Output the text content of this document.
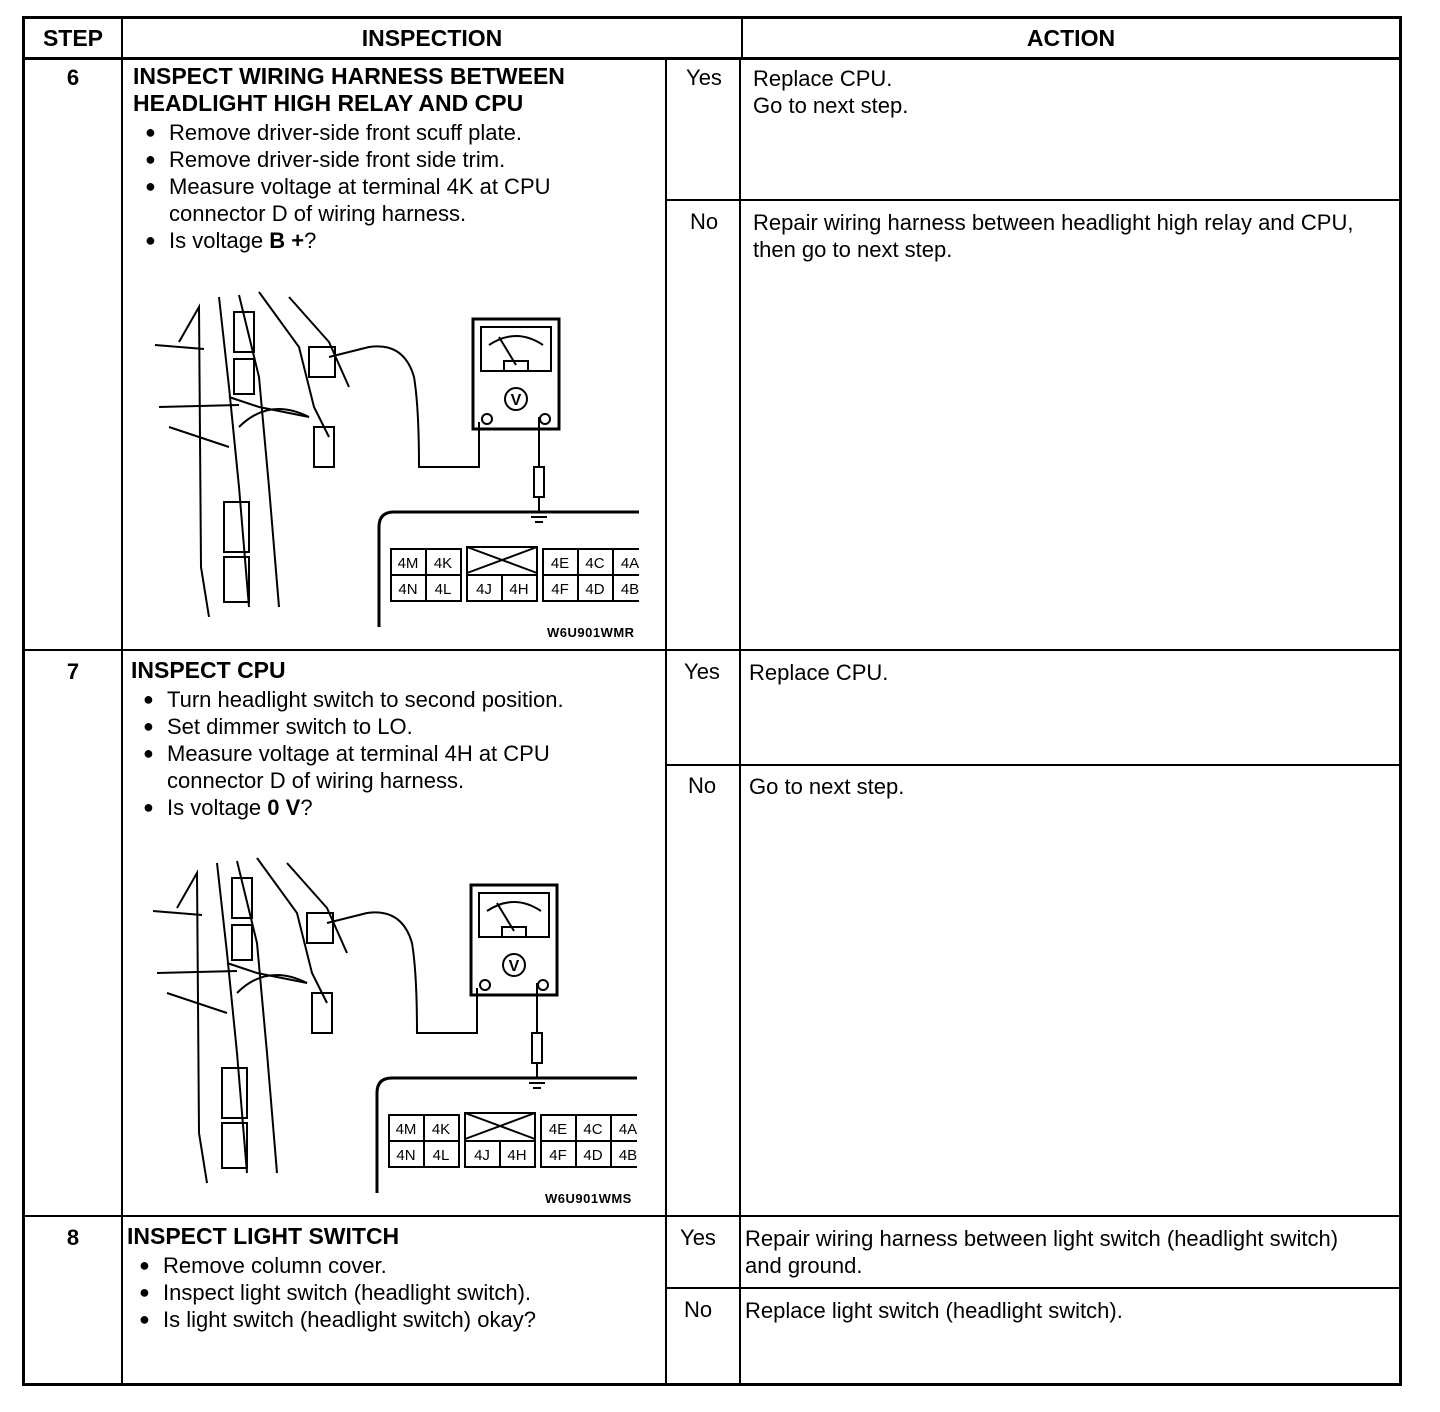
STEP	INSPECTION	ACTION
6	INSPECT WIRING HARNESS BETWEEN
HEADLIGHT HIGH RELAY AND CPU
● Remove driver-side front scuff plate.
● Remove driver-side front side trim.
● Measure voltage at terminal 4K at CPU connector D of wiring harness.
● Is voltage B +?
Yes	Replace CPU.
Go to next step.
No	Repair wiring harness between headlight high relay and CPU, then go to next step.
V
4M 4K	4E 4C 4A
4N 4L 4J 4H 4F 4D 4B
W6U901WMR
7	INSPECT CPU
● Turn headlight switch to second position.
● Set dimmer switch to LO.
● Measure voltage at terminal 4H at CPU connector D of wiring harness.
● Is voltage 0 V?
Yes	Replace CPU.
No	Go to next step.
V
4M 4K	4E 4C 4A
4N 4L 4J 4H 4F 4D 4B
W6U901WMS
8	INSPECT LIGHT SWITCH
● Remove column cover.
● Inspect light switch (headlight switch).
● Is light switch (headlight switch) okay?
Yes	Repair wiring harness between light switch (headlight switch) and ground.
No	Replace light switch (headlight switch).
